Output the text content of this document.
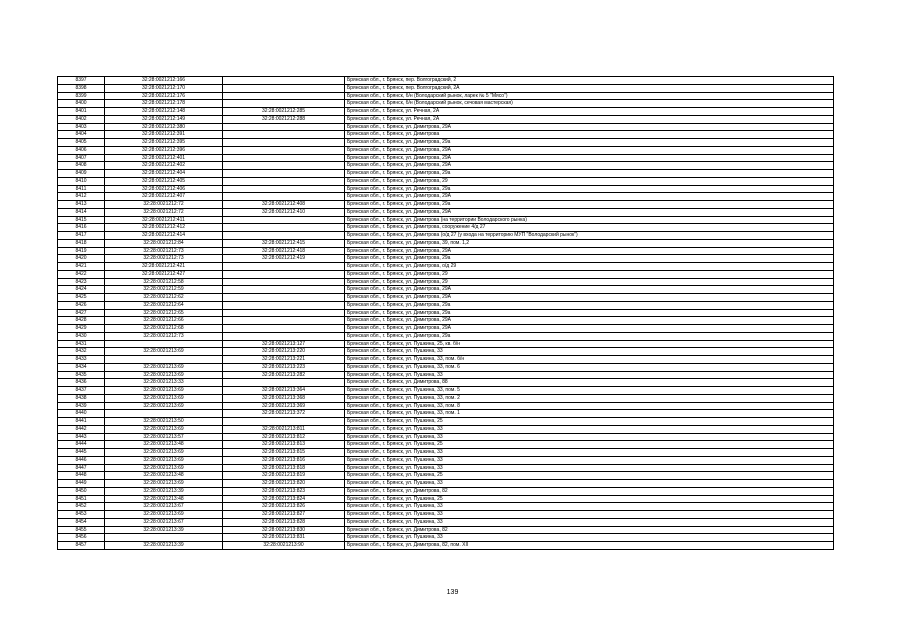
8397	32:28:0021212:166		Брянская обл., г. Брянск, пер. Волгоградский, 2
8398	32:28:0021212:170		Брянская обл., г. Брянск, пер. Волгоградский, 2А
8399	32:28:0021212:176		Брянская обл., г. Брянск, б/н (Володарский рынок, ларек № 5 "Мясо")
8400	32:28:0021212:178		Брянская обл., г. Брянск, б/н (Володарский рынок, сечовая мастерская)
8401	32:28:0021212:148	32:28:0021212:285	Брянская обл., г. Брянск, ул. Речная, 2А
8402	32:28:0021212:149	32:28:0021212:288	Брянская обл., г. Брянск, ул. Речная, 2А
8403	32:28:0021212:380		Брянская обл., г. Брянск, ул. Димитрова, 29А
8404	32:28:0021212:391		Брянская обл., г. Брянск, ул. Димитрова
8405	32:28:0021212:395		Брянская обл., г. Брянск, ул. Димитрова, 29а
8406	32:28:0021212:396		Брянская обл., г. Брянск, ул. Димитрова, 29А
8407	32:28:0021212:401		Брянская обл., г. Брянск, ул. Димитрова, 29А
8408	32:28:0021212:402		Брянская обл., г. Брянск, ул. Димитрова, 29А
8409	32:28:0021212:404		Брянская обл., г. Брянск, ул. Димитрова, 29а
8410	32:28:0021212:405		Брянская обл., г. Брянск, ул. Димитрова, 29
8411	32:28:0021212:406		Брянская обл., г. Брянск, ул. Димитрова, 29а
8412	32:28:0021212:407		Брянская обл., г. Брянск, ул. Димитрова, 29А
8413	32:28:0021212:72	32:28:0021212:408	Брянская обл., г. Брянск, ул. Димитрова, 29а
8414	32:28:0021212:72	32:28:0021212:410	Брянская обл., г. Брянск, ул. Димитрова, 29А
8415	32:28:0021212:411		Брянская обл., г. Брянск, ул. Димитрова (на территории Володарского рынка)
8416	32:28:0021212:412		Брянская обл., г. Брянск, ул. Димитрова, сооружение 4/д 27
8417	32:28:0021212:414		Брянская обл., г. Брянск, ул. Димитрова (о/д 27 (у входа на территорию МУП "Володарский рынок")
8418	32:28:0021212:84	32:28:0021212:415	Брянская обл., г. Брянск, ул. Димитрова, 39, пом. 1,2
8419	32:28:0021212:73	32:28:0021212:418	Брянская обл., г. Брянск, ул. Димитрова, 29А
8420	32:28:0021212:73	32:28:0021212:419	Брянская обл., г. Брянск, ул. Димитрова, 29а
8421	32:28:0021212:421		Брянская обл., г. Брянск, ул. Димитрова, о/д 29
8422	32:28:0021212:427		Брянская обл., г. Брянск, ул. Димитрова, 29
8423	32:28:0021212:58		Брянская обл., г. Брянск, ул. Димитрова, 29
8424	32:28:0021212:59		Брянская обл., г. Брянск, ул. Димитрова, 29А
8425	32:28:0021212:62		Брянская обл., г. Брянск, ул. Димитрова, 29А
8426	32:28:0021212:64		Брянская обл., г. Брянск, ул. Димитрова, 29а
8427	32:28:0021212:65		Брянская обл., г. Брянск, ул. Димитрова, 29а
8428	32:28:0021212:66		Брянская обл., г. Брянск, ул. Димитрова, 29А
8429	32:28:0021212:68		Брянская обл., г. Брянск, ул. Димитрова, 29А
8430	32:28:0021212:73		Брянская обл., г. Брянск, ул. Димитрова, 29а
8431		32:28:0021213:127	Брянская обл., г. Брянск, ул. Пушкина, 25, кв. б/н
8432	32:28:0021213:69	32:28:0021213:220	Брянская обл., г. Брянск, ул. Пушкина, 33
8433		32:28:0021213:221	Брянская обл., г. Брянск, ул. Пушкина, 33, пом. б/н
8434	32:28:0021213:69	32:28:0021213:223	Брянская обл., г. Брянск, ул. Пушкина, 33, пом. 6
8435	32:28:0021213:69	32:28:0021213:282	Брянская обл., г. Брянск, ул. Пушкина, 33
8436	32:28:0021213:33		Брянская обл., г. Брянск, ул. Димитрова, 88
8437	32:28:0021213:69	32:28:0021213:364	Брянская обл., г. Брянск, ул. Пушкина, 33, пом. 5
8438	32:28:0021213:69	32:28:0021213:368	Брянская обл., г. Брянск, ул. Пушкина, 33, пом. 2
8439	32:28:0021213:69	32:28:0021213:369	Брянская обл., г. Брянск, ул. Пушкина, 33, пом. 8
8440		32:28:0021213:372	Брянская обл., г. Брянск, ул. Пушкина, 33, пом. 1
8441	32:28:0021213:50		Брянская обл., г. Брянск, ул. Пушкина, 25
8442	32:28:0021213:69	32:28:0021213:811	Брянская обл., г. Брянск, ул. Пушкина, 33
8443	32:28:0021213:57	32:28:0021213:812	Брянская обл., г. Брянск, ул. Пушкина, 33
8444	32:28:0021213:48	32:28:0021213:813	Брянская обл., г. Брянск, ул. Пушкина, 25
8445	32:28:0021213:69	32:28:0021213:815	Брянская обл., г. Брянск, ул. Пушкина, 33
8446	32:28:0021213:69	32:28:0021213:816	Брянская обл., г. Брянск, ул. Пушкина, 33
8447	32:28:0021213:69	32:28:0021213:818	Брянская обл., г. Брянск, ул. Пушкина, 33
8448	32:28:0021213:48	32:28:0021213:819	Брянская обл., г. Брянск, ул. Пушкина, 25
8449	32:28:0021213:69	32:28:0021213:820	Брянская обл., г. Брянск, ул. Пушкина, 33
8450	32:28:0021213:39	32:28:0021213:823	Брянская обл., г. Брянск, ул. Димитрова, 82
8451	32:28:0021213:48	32:28:0021213:824	Брянская обл., г. Брянск, ул. Пушкина, 25
8452	32:28:0021213:67	32:28:0021213:826	Брянская обл., г. Брянск, ул. Пушкина, 33
8453	32:28:0021213:69	32:28:0021213:827	Брянская обл., г. Брянск, ул. Пушкина, 33
8454	32:28:0021213:67	32:28:0021213:828	Брянская обл., г. Брянск, ул. Пушкина, 33
8455	32:28:0021213:39	32:28:0021213:830	Брянская обл., г. Брянск, ул. Димитрова, 82
8456		32:28:0021213:831	Брянская обл., г. Брянск, ул. Пушкина, 33
8457	32:28:0021213:39	32:28:0021213:90	Брянская обл., г. Брянск, ул. Димитрова, 82, пом. XII
139
